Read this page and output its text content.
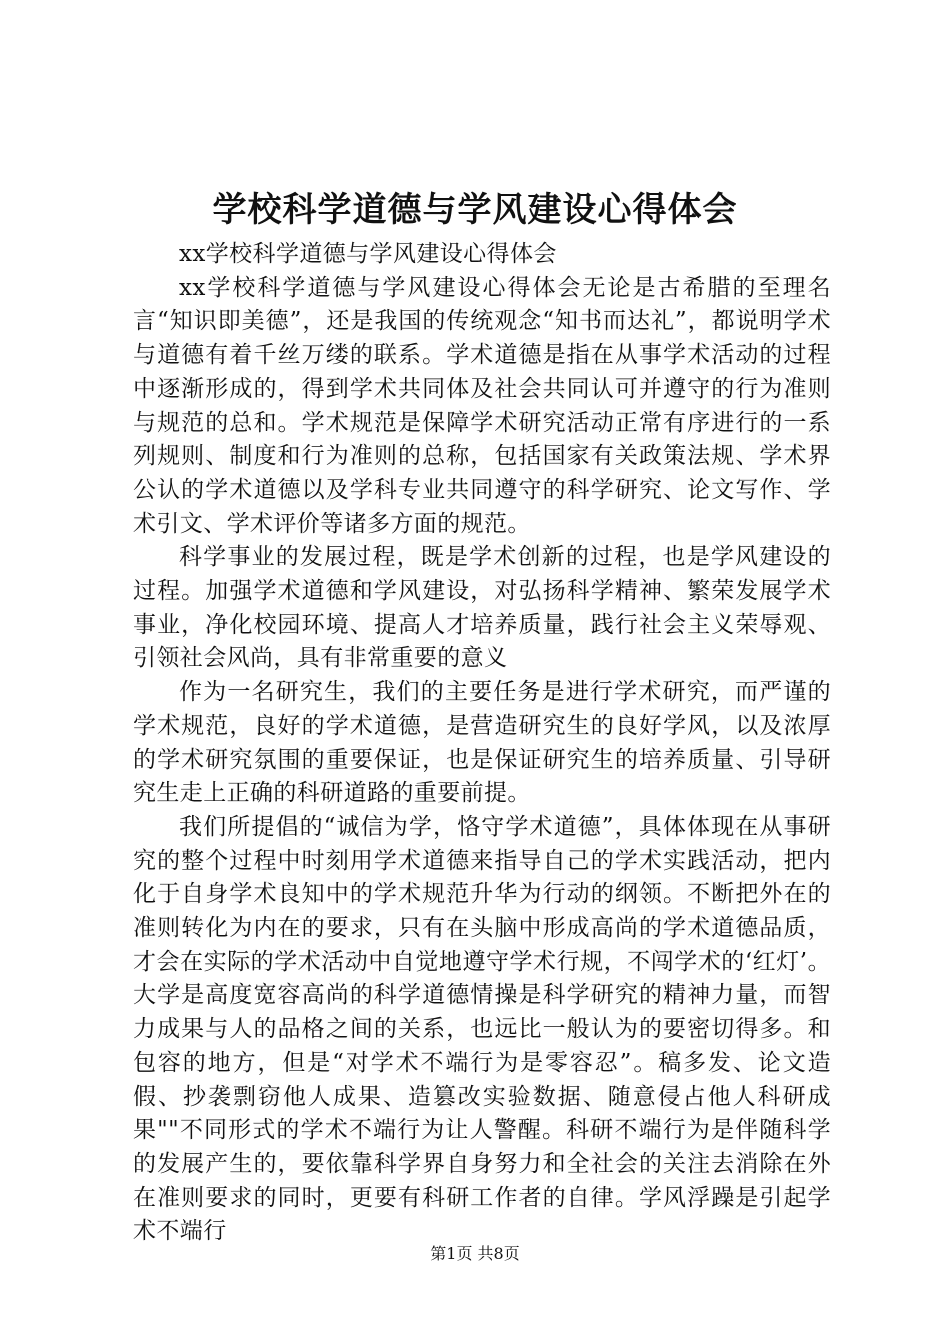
学校科学道德与学风建设心得体会

xx学校科学道德与学风建设心得体会

xx学校科学道德与学风建设心得体会无论是古希腊的至理名言“知识即美德”，还是我国的传统观念“知书而达礼”，都说明学术与道德有着千丝万缕的联系。学术道德是指在从事学术活动的过程中逐渐形成的，得到学术共同体及社会共同认可并遵守的行为准则与规范的总和。学术规范是保障学术研究活动正常有序进行的一系列规则、制度和行为准则的总称，包括国家有关政策法规、学术界公认的学术道德以及学科专业共同遵守的科学研究、论文写作、学术引文、学术评价等诸多方面的规范。

科学事业的发展过程，既是学术创新的过程，也是学风建设的过程。加强学术道德和学风建设，对弘扬科学精神、繁荣发展学术事业，净化校园环境、提高人才培养质量，践行社会主义荣辱观、引领社会风尚，具有非常重要的意义

作为一名研究生，我们的主要任务是进行学术研究，而严谨的学术规范，良好的学术道德，是营造研究生的良好学风，以及浓厚的学术研究氛围的重要保证，也是保证研究生的培养质量、引导研究生走上正确的科研道路的重要前提。

我们所提倡的“诚信为学，恪守学术道德”，具体体现在从事研究的整个过程中时刻用学术道德来指导自己的学术实践活动，把内化于自身学术良知中的学术规范升华为行动的纲领。不断把外在的准则转化为内在的要求，只有在头脑中形成高尚的学术道德品质，才会在实际的学术活动中自觉地遵守学术行规，不闯学术的‘红灯’。大学是高度宽容高尚的科学道德情操是科学研究的精神力量，而智力成果与人的品格之间的关系，也远比一般认为的要密切得多。和包容的地方，但是“对学术不端行为是零容忍”。稿多发、论文造假、抄袭剽窃他人成果、造篡改实验数据、随意侵占他人科研成果""不同形式的学术不端行为让人警醒。科研不端行为是伴随科学的发展产生的，要依靠科学界自身努力和全社会的关注去消除在外在准则要求的同时，更要有科研工作者的自律。学风浮躁是引起学术不端行

第1页 共8页
